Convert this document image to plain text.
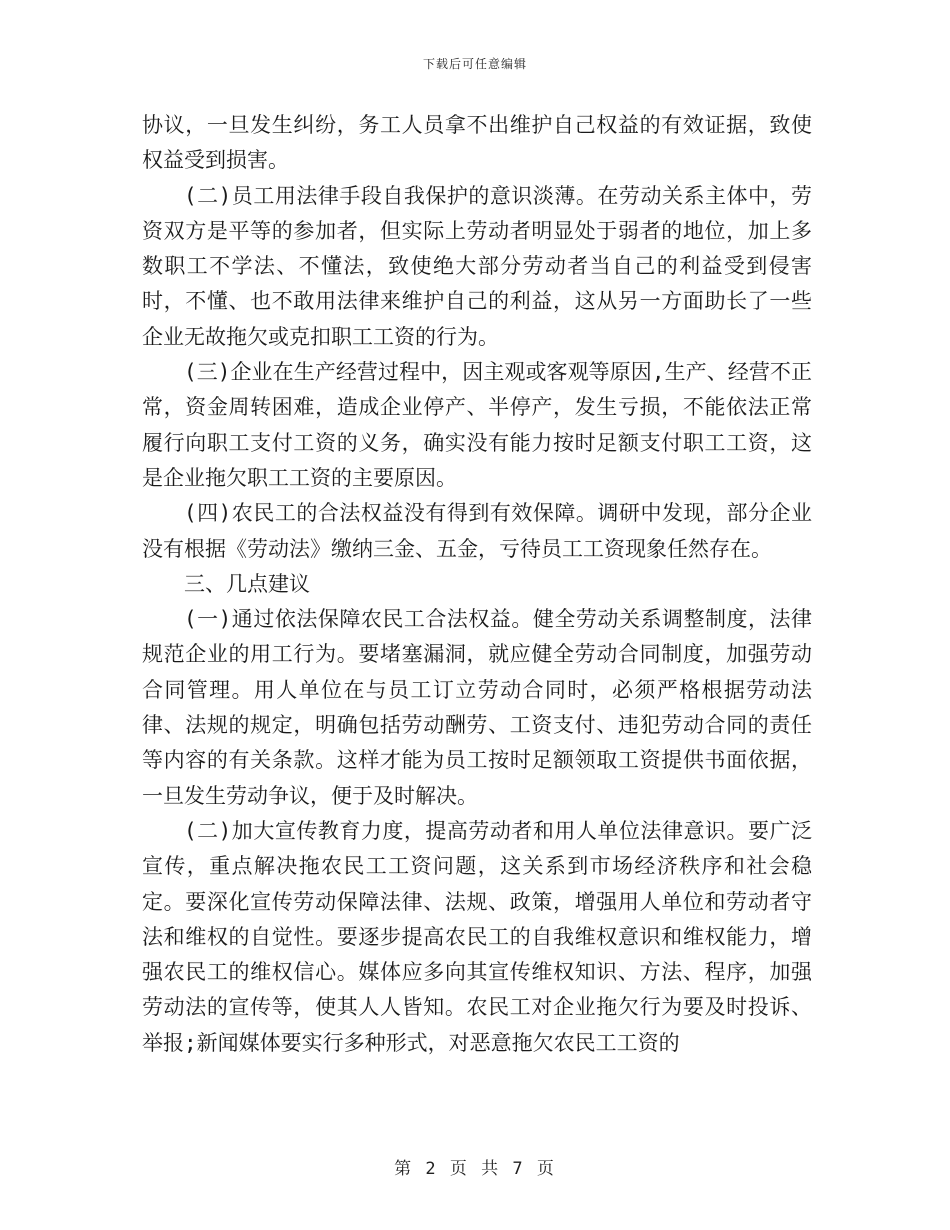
下载后可任意编辑

协议，一旦发生纠纷，务工人员拿不出维护自己权益的有效证据，致使权益受到损害。

(二)员工用法律手段自我保护的意识淡薄。在劳动关系主体中，劳资双方是平等的参加者，但实际上劳动者明显处于弱者的地位，加上多数职工不学法、不懂法，致使绝大部分劳动者当自己的利益受到侵害时，不懂、也不敢用法律来维护自己的利益，这从另一方面助长了一些企业无故拖欠或克扣职工工资的行为。

(三)企业在生产经营过程中，因主观或客观等原因,生产、经营不正常，资金周转困难，造成企业停产、半停产，发生亏损，不能依法正常履行向职工支付工资的义务，确实没有能力按时足额支付职工工资，这是企业拖欠职工工资的主要原因。

(四)农民工的合法权益没有得到有效保障。调研中发现，部分企业没有根据《劳动法》缴纳三金、五金，亏待员工工资现象任然存在。

三、几点建议

(一)通过依法保障农民工合法权益。健全劳动关系调整制度，法律规范企业的用工行为。要堵塞漏洞，就应健全劳动合同制度，加强劳动合同管理。用人单位在与员工订立劳动合同时，必须严格根据劳动法律、法规的规定，明确包括劳动酬劳、工资支付、违犯劳动合同的责任等内容的有关条款。这样才能为员工按时足额领取工资提供书面依据，一旦发生劳动争议，便于及时解决。

(二)加大宣传教育力度，提高劳动者和用人单位法律意识。要广泛宣传，重点解决拖农民工工资问题，这关系到市场经济秩序和社会稳定。要深化宣传劳动保障法律、法规、政策，增强用人单位和劳动者守法和维权的自觉性。要逐步提高农民工的自我维权意识和维权能力，增强农民工的维权信心。媒体应多向其宣传维权知识、方法、程序，加强劳动法的宣传等，使其人人皆知。农民工对企业拖欠行为要及时投诉、举报;新闻媒体要实行多种形式，对恶意拖欠农民工工资的

第 2 页 共 7 页
